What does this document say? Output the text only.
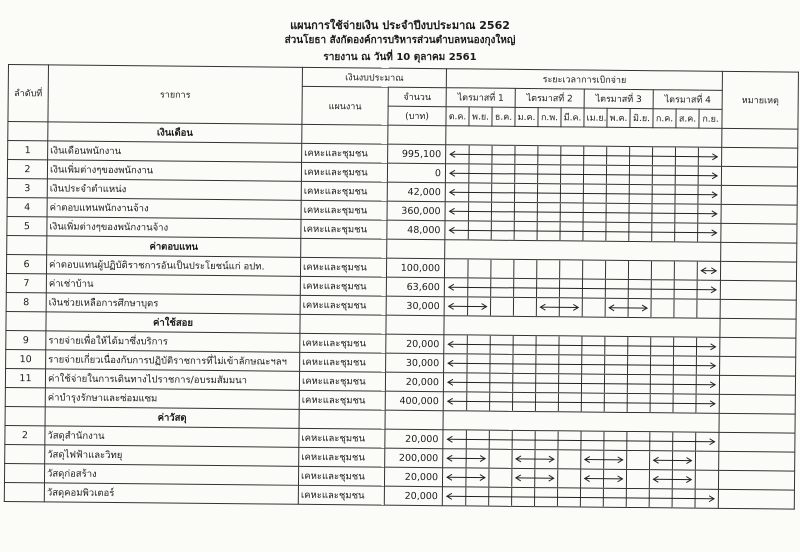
แผนการใช้จ่ายเงิน ประจำปีงบประมาณ 2562
ส่วนโยธา สังกัดองค์การบริหารส่วนตำบลหนองกุงใหญ่
รายงาน ณ วันที่ 10 ตุลาคม 2561
ลำดับที่	รายการ	เงินงบประมาณ		ระยะเวลาการเบิกจ่าย												หมายเหตุ
		แผนงาน	จำนวน	ไตรมาสที่ 1			ไตรมาสที่ 2			ไตรมาสที่ 3			ไตรมาสที่ 4			
			(บาท)	ต.ค.	พ.ย.	ธ.ค.	ม.ค.	ก.พ.	มี.ค.	เม.ย.	พ.ค.	มิ.ย.	ก.ค.	ส.ค.	ก.ย.	
	เงินเดือน															
1	เงินเดือนพนักงาน	เคหะและชุมชน	995,100	

2	เงินเพิ่มต่างๆของพนักงาน	เคหะและชุมชน	0	

3	เงินประจำตำแหน่ง	เคหะและชุมชน	42,000	

4	ค่าตอบแทนพนักงานจ้าง	เคหะและชุมชน	360,000	

5	เงินเพิ่มต่างๆของพนักงานจ้าง	เคหะและชุมชน	48,000	

	ค่าตอบแทน															
6	ค่าตอบแทนผู้ปฏิบัติราชการอันเป็นประโยชน์แก่ อปท.	เคหะและชุมชน	100,000	

7	ค่าเช่าบ้าน	เคหะและชุมชน	63,600	

8	เงินช่วยเหลือการศึกษาบุตร	เคหะและชุมชน	30,000	

	ค่าใช้สอย															
9	รายจ่ายเพื่อให้ได้มาซึ่งบริการ	เคหะและชุมชน	20,000	

10	รายจ่ายเกี่ยวเนื่องกับการปฏิบัติราชการที่ไม่เข้าลักษณะฯลฯ	เคหะและชุมชน	30,000	

11	ค่าใช้จ่ายในการเดินทางไปราชการ/อบรมสัมมนา	เคหะและชุมชน	20,000	

	ค่าบำรุงรักษาและซ่อมแซม	เคหะและชุมชน	400,000	

	ค่าวัสดุ															
2	วัสดุสำนักงาน	เคหะและชุมชน	20,000	

	วัสดุไฟฟ้าและวิทยุ	เคหะและชุมชน	200,000	

	วัสดุก่อสร้าง	เคหะและชุมชน	20,000	

	วัสดุคอมพิวเตอร์	เคหะและชุมชน	20,000	
